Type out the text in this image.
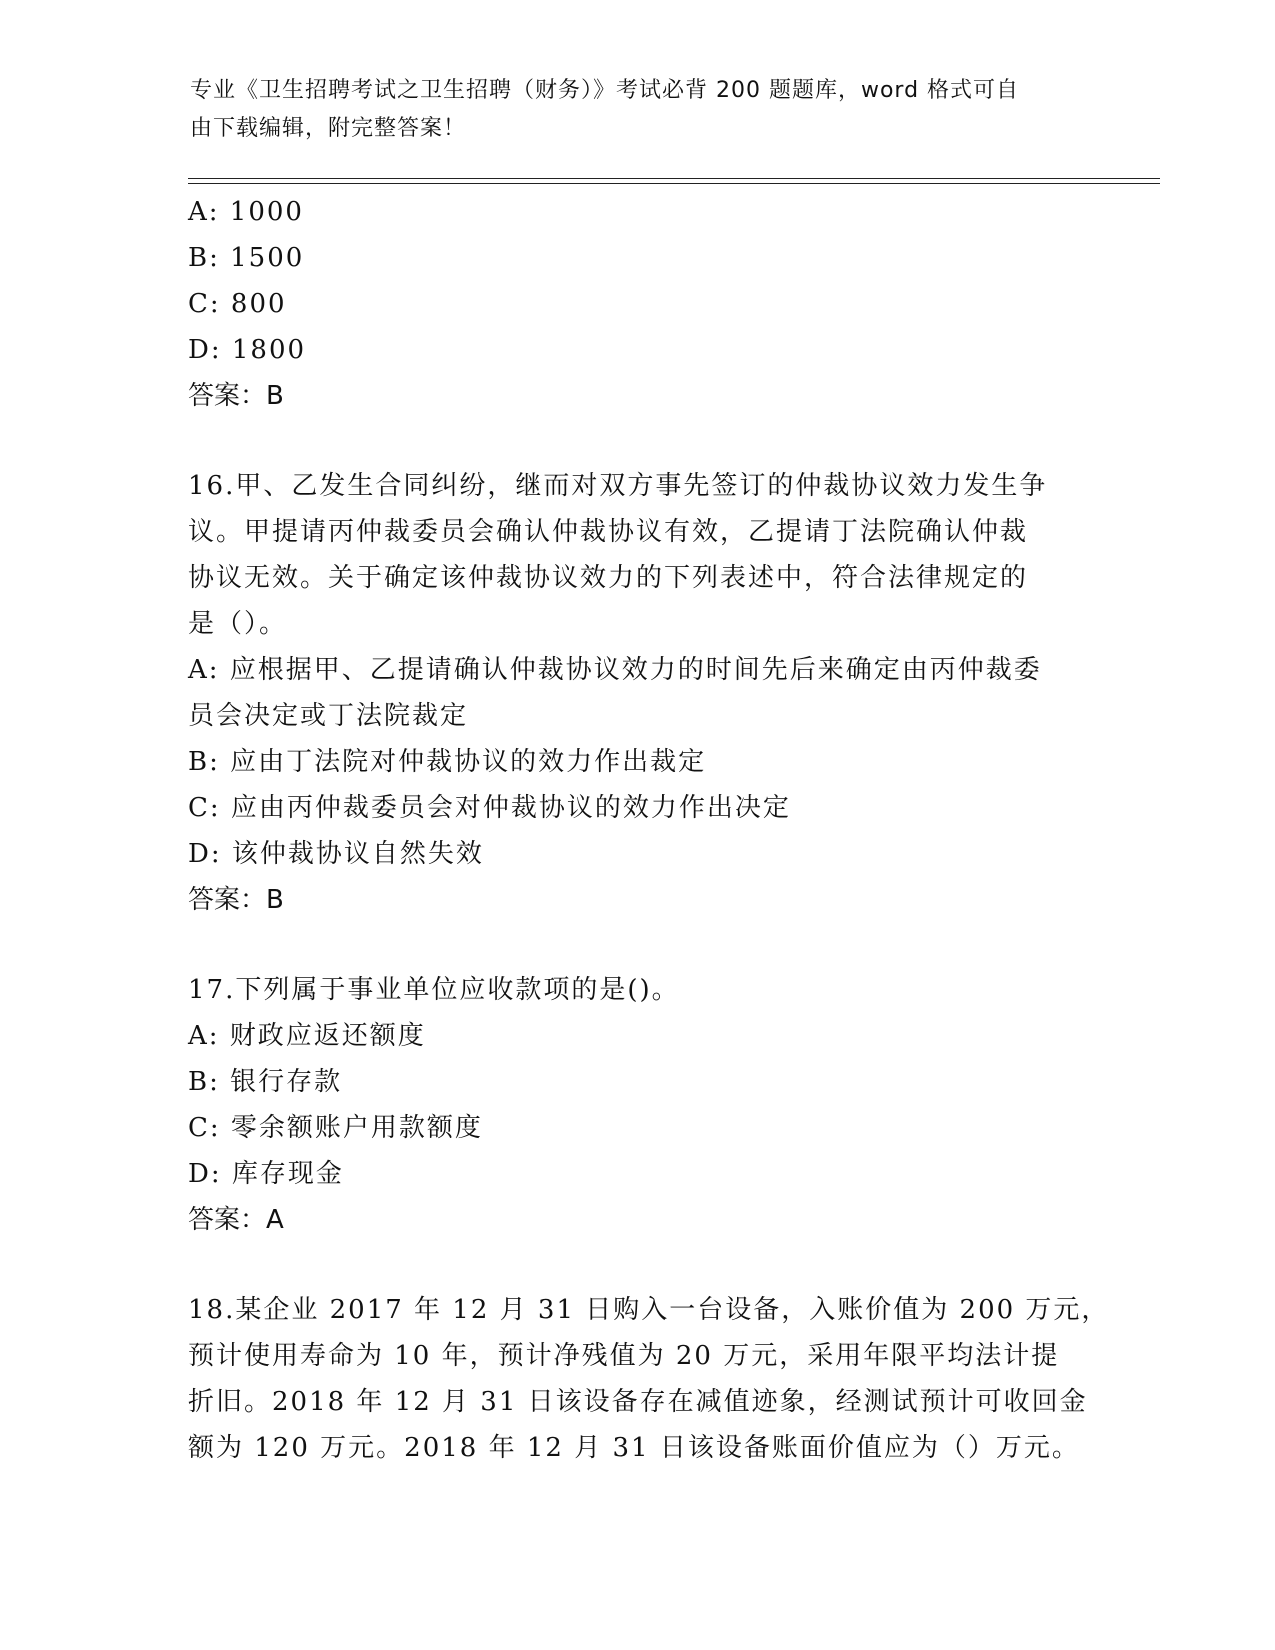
专业《卫生招聘考试之卫生招聘（财务）》考试必背 200 题题库，word 格式可自
由下载编辑，附完整答案！
A: 1000
B: 1500
C: 800
D: 1800
答案：B
16.甲、乙发生合同纠纷，继而对双方事先签订的仲裁协议效力发生争
议。甲提请丙仲裁委员会确认仲裁协议有效，乙提请丁法院确认仲裁
协议无效。关于确定该仲裁协议效力的下列表述中，符合法律规定的
是（）。
A: 应根据甲、乙提请确认仲裁协议效力的时间先后来确定由丙仲裁委
员会决定或丁法院裁定
B: 应由丁法院对仲裁协议的效力作出裁定
C: 应由丙仲裁委员会对仲裁协议的效力作出决定
D: 该仲裁协议自然失效
答案：B
17.下列属于事业单位应收款项的是()。
A: 财政应返还额度
B: 银行存款
C: 零余额账户用款额度
D: 库存现金
答案：A
18.某企业 2017 年 12 月 31 日购入一台设备，入账价值为 200 万元，
预计使用寿命为 10 年，预计净残值为 20 万元，采用年限平均法计提
折旧。2018 年 12 月 31 日该设备存在减值迹象，经测试预计可收回金
额为 120 万元。2018 年 12 月 31 日该设备账面价值应为（）万元。
